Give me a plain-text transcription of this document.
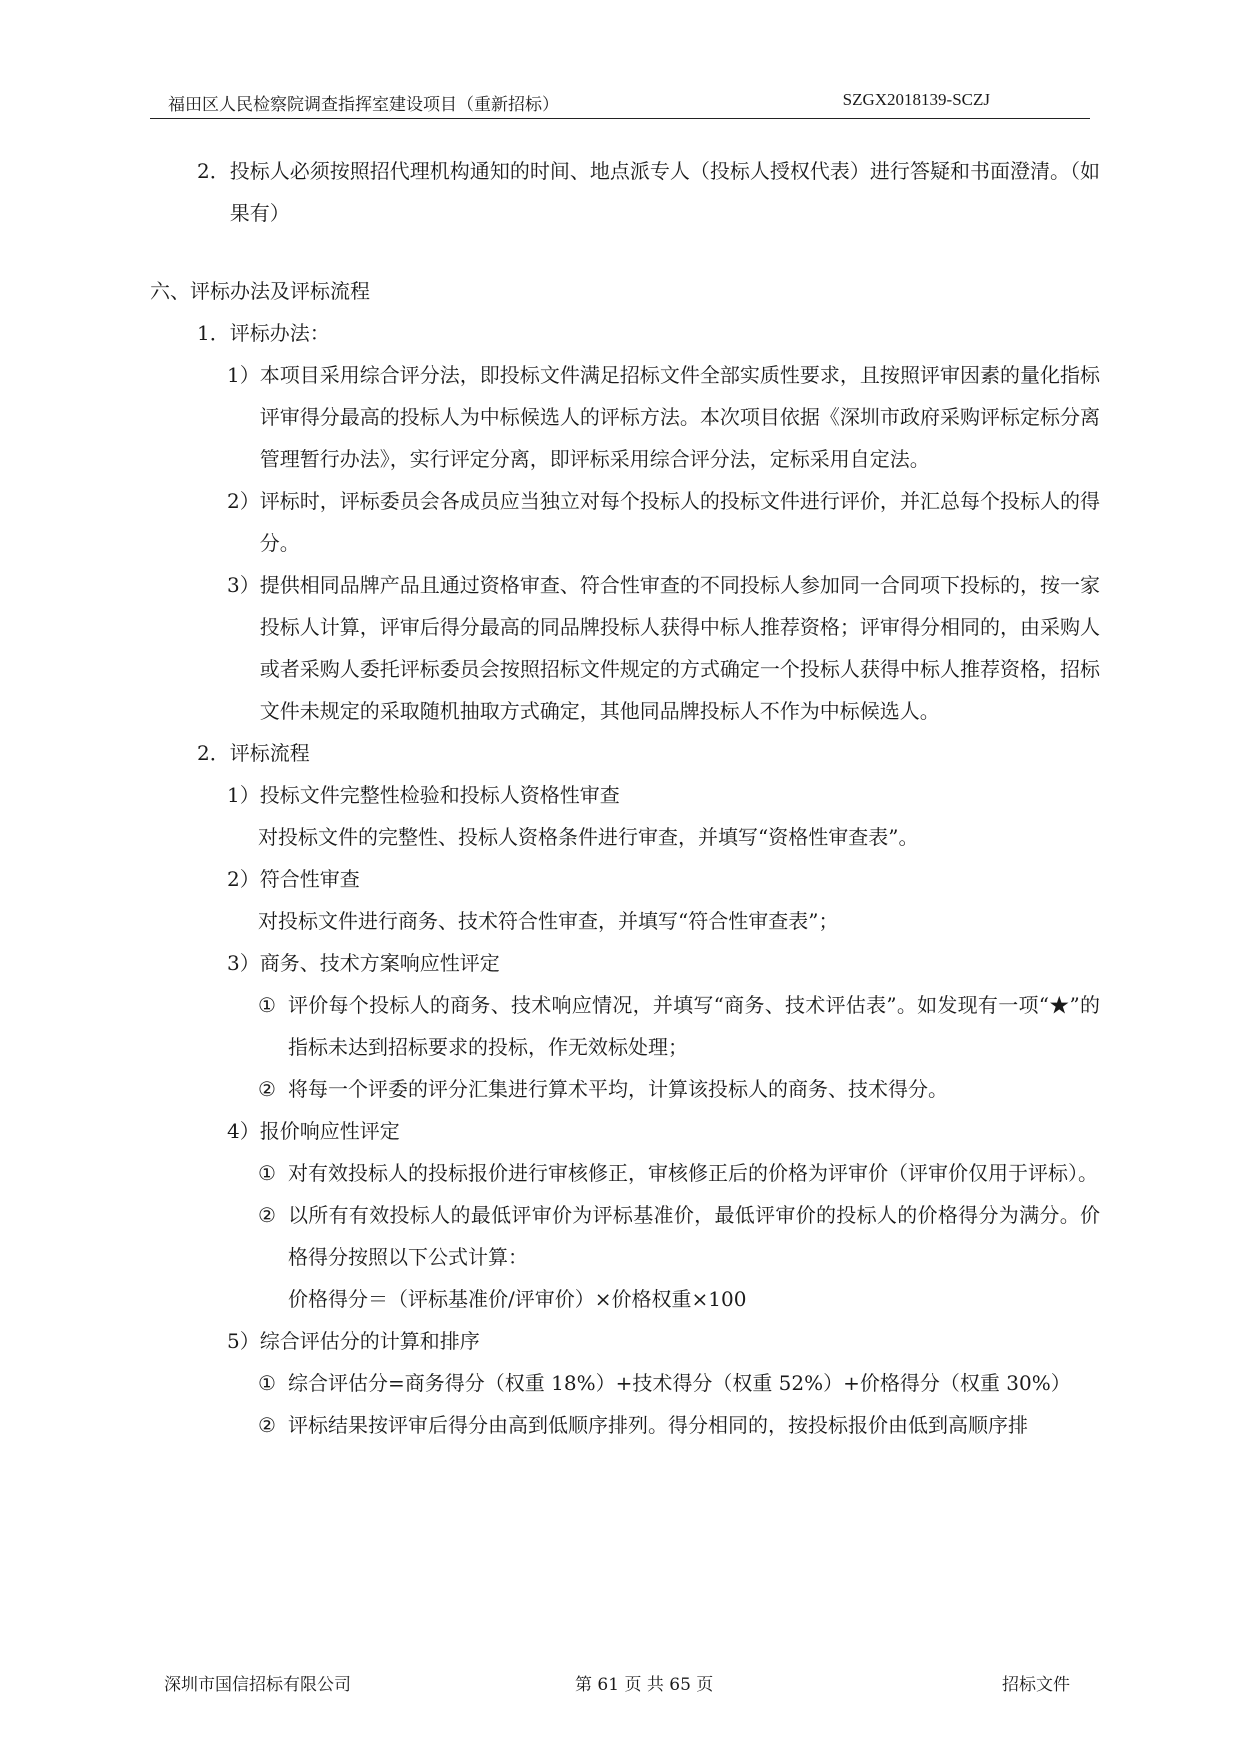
福田区人民检察院调查指挥室建设项目（重新招标）	SZGX2018139-SCZJ
2． 投标人必须按照招代理机构通知的时间、地点派专人（投标人授权代表）进行答疑和书面澄清。（如果有）
六、评标办法及评标流程
1．评标办法：
1） 本项目采用综合评分法，即投标文件满足招标文件全部实质性要求，且按照评审因素的量化指标评审得分最高的投标人为中标候选人的评标方法。本次项目依据《深圳市政府采购评标定标分离管理暂行办法》，实行评定分离，即评标采用综合评分法，定标采用自定法。
2） 评标时，评标委员会各成员应当独立对每个投标人的投标文件进行评价，并汇总每个投标人的得分。
3） 提供相同品牌产品且通过资格审查、符合性审查的不同投标人参加同一合同项下投标的，按一家投标人计算，评审后得分最高的同品牌投标人获得中标人推荐资格；评审得分相同的，由采购人或者采购人委托评标委员会按照招标文件规定的方式确定一个投标人获得中标人推荐资格，招标文件未规定的采取随机抽取方式确定，其他同品牌投标人不作为中标候选人。
2．评标流程
1）投标文件完整性检验和投标人资格性审查
对投标文件的完整性、投标人资格条件进行审查，并填写“资格性审查表”。
2）符合性审查
对投标文件进行商务、技术符合性审查，并填写“符合性审查表”；
3）商务、技术方案响应性评定
① 评价每个投标人的商务、技术响应情况，并填写“商务、技术评估表”。如发现有一项“★”的指标未达到招标要求的投标，作无效标处理；
② 将每一个评委的评分汇集进行算术平均，计算该投标人的商务、技术得分。
4）报价响应性评定
① 对有效投标人的投标报价进行审核修正，审核修正后的价格为评审价（评审价仅用于评标）。
② 以所有有效投标人的最低评审价为评标基准价，最低评审价的投标人的价格得分为满分。价格得分按照以下公式计算：
价格得分＝（评标基准价/评审价）×价格权重×100
5）综合评估分的计算和排序
① 综合评估分=商务得分（权重 18%）+技术得分（权重 52%）+价格得分（权重 30%）
② 评标结果按评审后得分由高到低顺序排列。得分相同的，按投标报价由低到高顺序排
深圳市国信招标有限公司	第 61 页 共 65 页	招标文件
